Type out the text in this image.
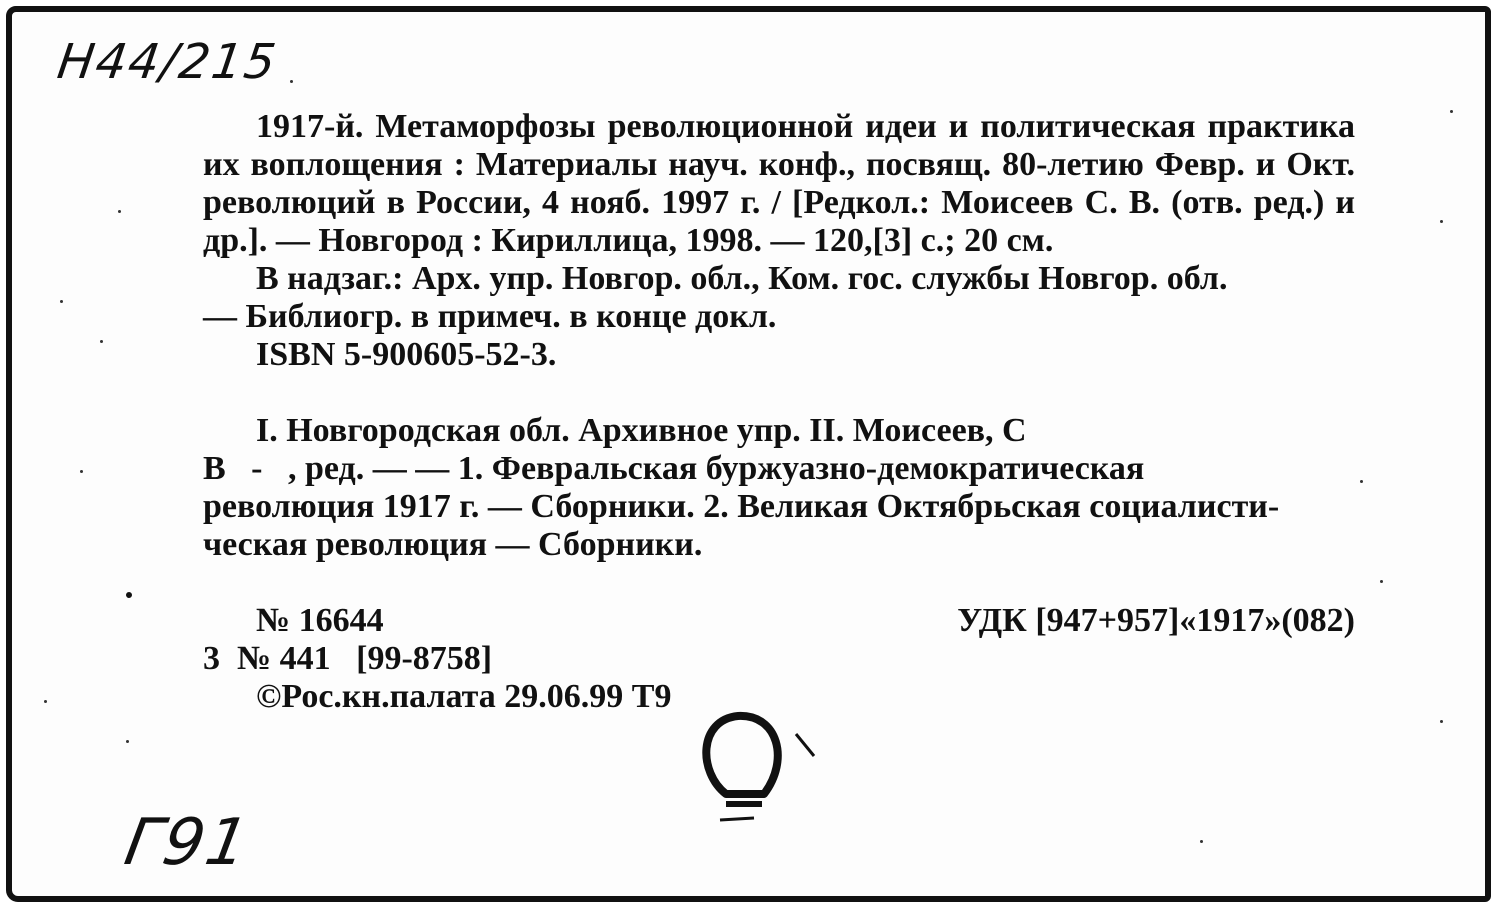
Н44/215

1917-й. Метаморфозы революционной идеи и политическая практика их воплощения : Материалы науч. конф., посвящ. 80-летию Февр. и Окт. революций в России, 4 нояб. 1997 г. / [Редкол.: Моисеев С. В. (отв. ред.) и др.]. — Новгород : Кириллица, 1998. — 120,[3] с.; 20 см.

В надзаг.: Арх. упр. Новгор. обл., Ком. гос. службы Новгор. обл.
— Библиогр. в примеч. в конце докл.
ISBN 5-900605-52-3.
I. Новгородская обл. Архивное упр. II. Моисеев, С
В   -   , ред. — — 1. Февральская буржуазно-демократическая
революция 1917 г. — Сборники. 2. Великая Октябрьская социалисти-
ческая революция — Сборники.
№ 16644	УДК [947+957]«1917»(082)
3 № 441   [99-8758]
©Рос.кн.палата 29.06.99 Т9
Г91
